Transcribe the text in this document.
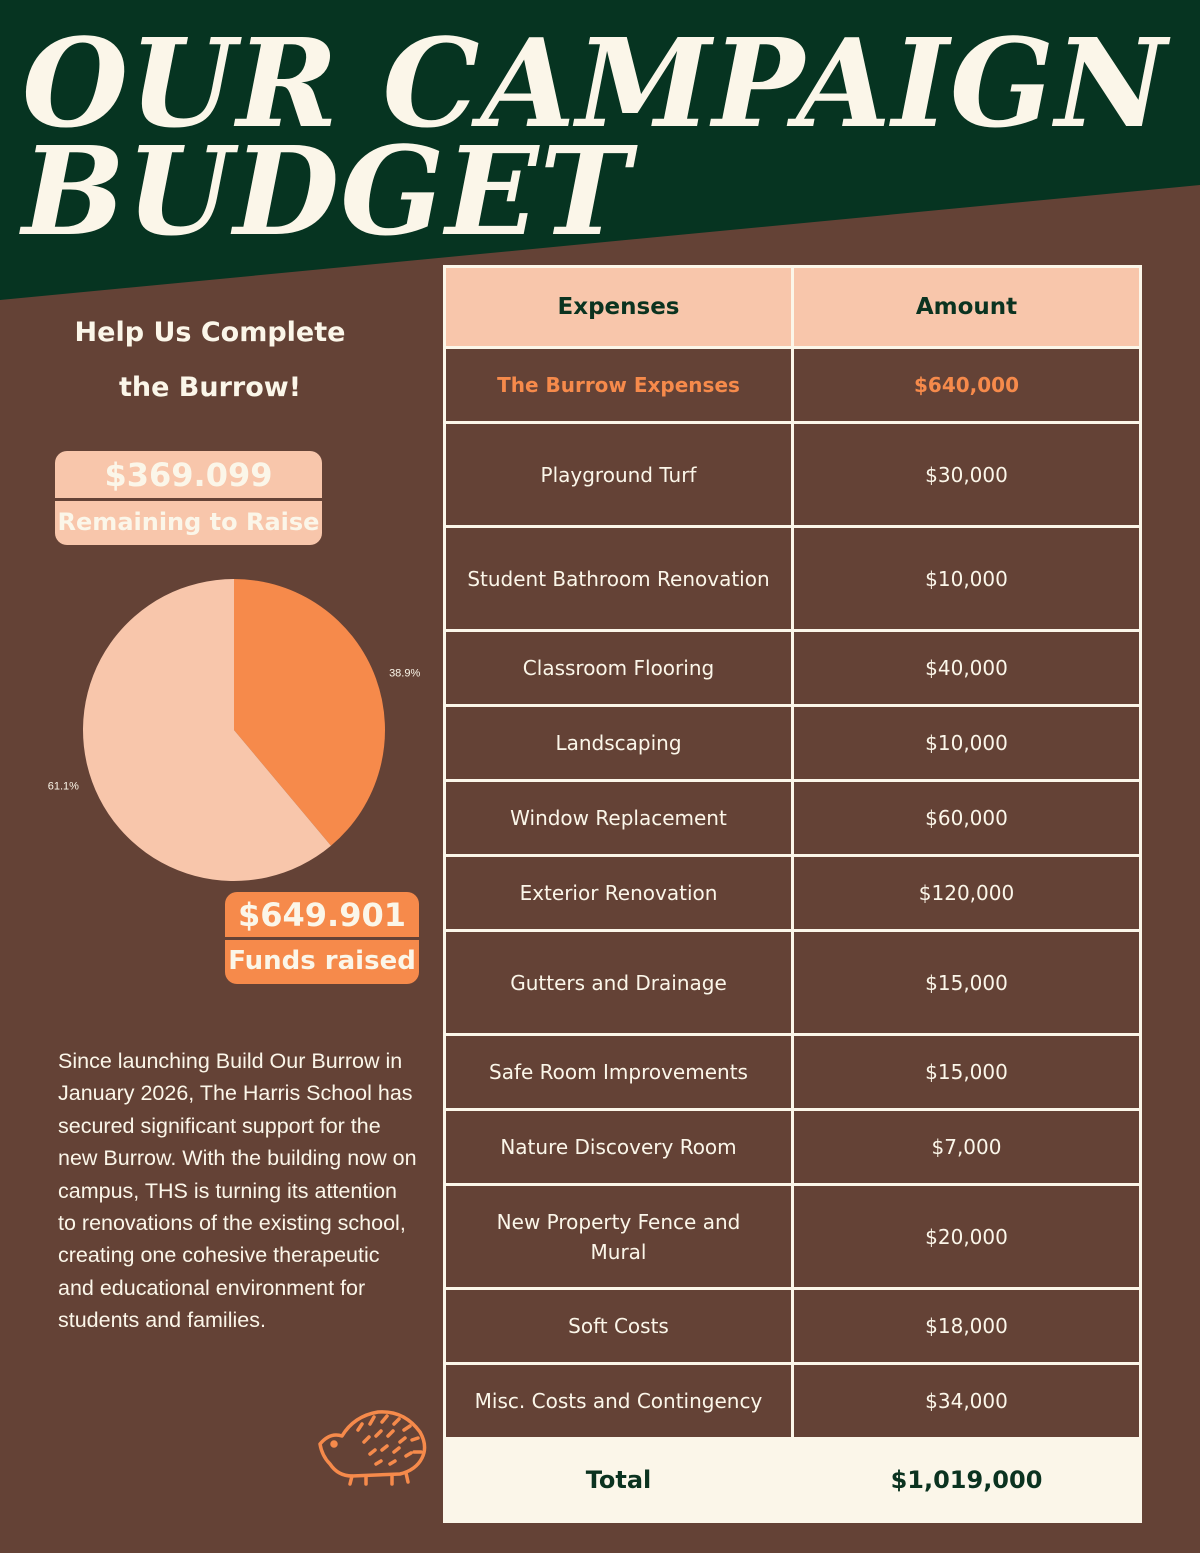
OUR CAMPAIGN
BUDGET
Help Us Complete
the Burrow!
$369.099
Remaining to Raise
38.9%
61.1%
$649.901
Funds raised

Since launching Build Our Burrow in January 2026, The Harris School has secured significant support for the new Burrow. With the building now on campus, THS is turning its attention to renovations of the existing school, creating one cohesive therapeutic and educational environment for students and families.

Expenses	Amount
The Burrow Expenses	$640,000
Playground Turf	$30,000
Student Bathroom Renovation	$10,000
Classroom Flooring	$40,000
Landscaping	$10,000
Window Replacement	$60,000
Exterior Renovation	$120,000
Gutters and Drainage	$15,000
Safe Room Improvements	$15,000
Nature Discovery Room	$7,000
New Property Fence and Mural	$20,000
Soft Costs	$18,000
Misc. Costs and Contingency	$34,000
Total	$1,019,000
